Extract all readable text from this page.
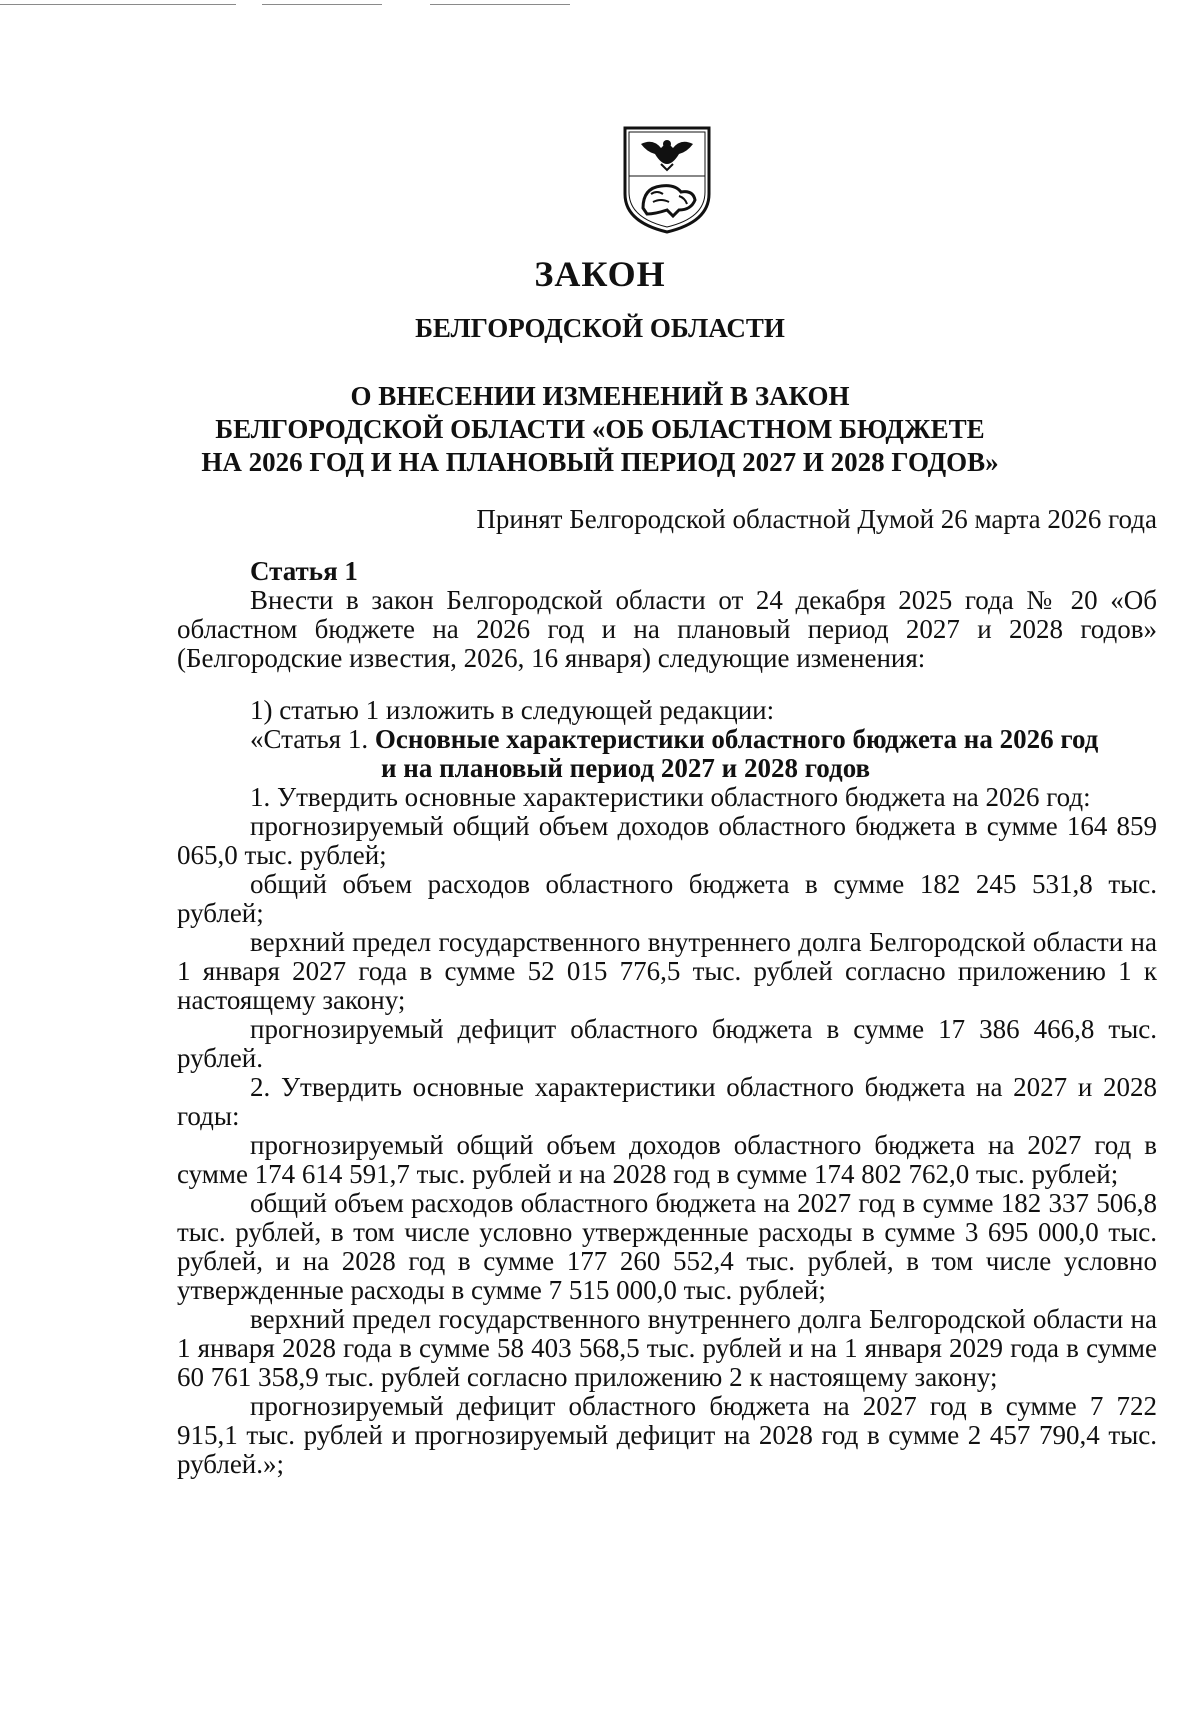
ЗАКОН
БЕЛГОРОДСКОЙ ОБЛАСТИ
О ВНЕСЕНИИ ИЗМЕНЕНИЙ В ЗАКОН
БЕЛГОРОДСКОЙ ОБЛАСТИ «ОБ ОБЛАСТНОМ БЮДЖЕТЕ
НА 2026 ГОД И НА ПЛАНОВЫЙ ПЕРИОД 2027 И 2028 ГОДОВ»
Принят Белгородской областной Думой 26 марта 2026 года

Статья 1

Внести в закон Белгородской области от 24 декабря 2025 года № 20 «Об областном бюджете на 2026 год и на плановый период 2027 и 2028 годов» (Белгородские известия, 2026, 16 января) следующие изменения:

1) статью 1 изложить в следующей редакции:

«Статья 1. Основные характеристики областного бюджета на 2026 год
и на плановый период 2027 и 2028 годов

1. Утвердить основные характеристики областного бюджета на 2026 год:

прогнозируемый общий объем доходов областного бюджета в сумме 164 859 065,0 тыс. рублей;

общий объем расходов областного бюджета в сумме 182 245 531,8 тыс. рублей;

верхний предел государственного внутреннего долга Белгородской области на 1 января 2027 года в сумме 52 015 776,5 тыс. рублей согласно приложению 1 к настоящему закону;

прогнозируемый дефицит областного бюджета в сумме 17 386 466,8 тыс. рублей.

2. Утвердить основные характеристики областного бюджета на 2027 и 2028 годы:

прогнозируемый общий объем доходов областного бюджета на 2027 год в сумме 174 614 591,7 тыс. рублей и на 2028 год в сумме 174 802 762,0 тыс. рублей;

общий объем расходов областного бюджета на 2027 год в сумме 182 337 506,8 тыс. рублей, в том числе условно утвержденные расходы в сумме 3 695 000,0 тыс. рублей, и на 2028 год в сумме 177 260 552,4 тыс. рублей, в том числе условно утвержденные расходы в сумме 7 515 000,0 тыс. рублей;

верхний предел государственного внутреннего долга Белгородской области на 1 января 2028 года в сумме 58 403 568,5 тыс. рублей и на 1 января 2029 года в сумме 60 761 358,9 тыс. рублей согласно приложению 2 к настоящему закону;

прогнозируемый дефицит областного бюджета на 2027 год в сумме 7 722 915,1 тыс. рублей и прогнозируемый дефицит на 2028 год в сумме 2 457 790,4 тыс. рублей.»;
